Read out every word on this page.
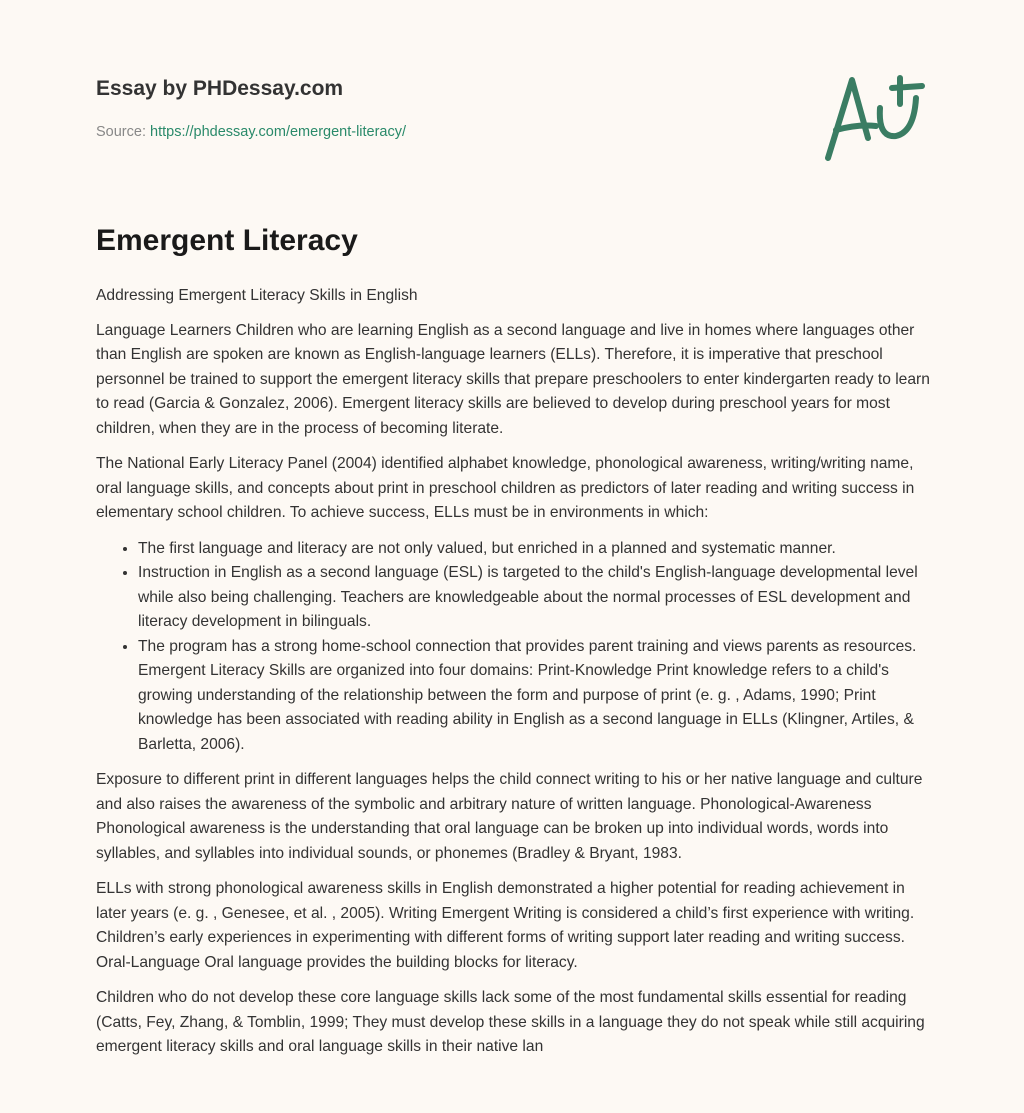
Essay by PHDessay.com
Source: https://phdessay.com/emergent-literacy/
Emergent Literacy

Addressing Emergent Literacy Skills in English

Language Learners Children who are learning English as a second language and live in homes where languages other than English are spoken are known as English-language learners (ELLs). Therefore, it is imperative that preschool personnel be trained to support the emergent literacy skills that prepare preschoolers to enter kindergarten ready to learn to read (Garcia & Gonzalez, 2006). Emergent literacy skills are believed to develop during preschool years for most children, when they are in the process of becoming literate.

The National Early Literacy Panel (2004) identified alphabet knowledge, phonological awareness, writing/writing name, oral language skills, and concepts about print in preschool children as predictors of later reading and writing success in elementary school children. To achieve success, ELLs must be in environments in which:

• The first language and literacy are not only valued, but enriched in a planned and systematic manner.
• Instruction in English as a second language (ESL) is targeted to the child's English-language developmental level while also being challenging. Teachers are knowledgeable about the normal processes of ESL development and literacy development in bilinguals.
• The program has a strong home-school connection that provides parent training and views parents as resources. Emergent Literacy Skills are organized into four domains: Print-Knowledge Print knowledge refers to a child's growing understanding of the relationship between the form and purpose of print (e. g. , Adams, 1990; Print knowledge has been associated with reading ability in English as a second language in ELLs (Klingner, Artiles, & Barletta, 2006).

Exposure to different print in different languages helps the child connect writing to his or her native language and culture and also raises the awareness of the symbolic and arbitrary nature of written language. Phonological-Awareness Phonological awareness is the understanding that oral language can be broken up into individual words, words into syllables, and syllables into individual sounds, or phonemes (Bradley & Bryant, 1983.

ELLs with strong phonological awareness skills in English demonstrated a higher potential for reading achievement in later years (e. g. , Genesee, et al. , 2005). Writing Emergent Writing is considered a child’s first experience with writing. Children’s early experiences in experimenting with different forms of writing support later reading and writing success. Oral-Language Oral language provides the building blocks for literacy.

Children who do not develop these core language skills lack some of the most fundamental skills essential for reading (Catts, Fey, Zhang, & Tomblin, 1999; They must develop these skills in a language they do not speak while still acquiring emergent literacy skills and oral language skills in their native lan
